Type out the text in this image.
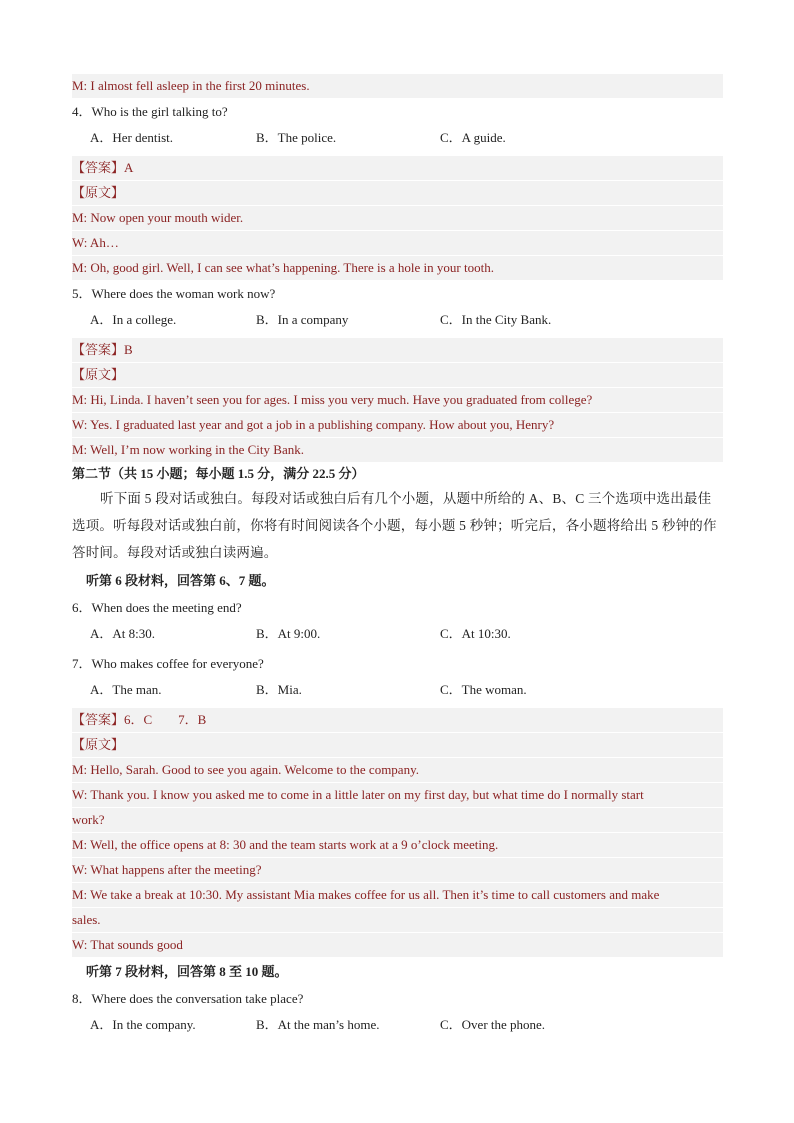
M: I almost fell asleep in the first 20 minutes.
4．Who is the girl talking to?
A．Her dentist.	B．The police.	C．A guide.
【答案】A
【原文】
M: Now open your mouth wider.
W: Ah…
M: Oh, good girl. Well, I can see what’s happening. There is a hole in your tooth.
5．Where does the woman work now?
A．In a college.	B．In a company	C．In the City Bank.
【答案】B
【原文】
M: Hi, Linda. I haven’t seen you for ages. I miss you very much. Have you graduated from college?
W: Yes. I graduated last year and got a job in a publishing company. How about you, Henry?
M: Well, I’m now working in the City Bank.
第二节（共 15 小题；每小题 1.5 分，满分 22.5 分）
听下面 5 段对话或独白。每段对话或独白后有几个小题，从题中所给的 A、B、C 三个选项中选出最佳选项。听每段对话或独白前，你将有时间阅读各个小题，每小题 5 秒钟；听完后，各小题将给出 5 秒钟的作答时间。每段对话或独白读两遍。
听第 6 段材料，回答第 6、7 题。
6．When does the meeting end?
A．At 8:30.	B．At 9:00.	C．At 10:30.
7．Who makes coffee for everyone?
A．The man.	B．Mia.	C．The woman.
【答案】6．C　　7．B
【原文】
M: Hello, Sarah. Good to see you again. Welcome to the company.
W: Thank you. I know you asked me to come in a little later on my first day, but what time do I normally start
work?
M: Well, the office opens at 8: 30 and the team starts work at a 9 o’clock meeting.
W: What happens after the meeting?
M: We take a break at 10:30. My assistant Mia makes coffee for us all. Then it’s time to call customers and make
sales.
W: That sounds good
听第 7 段材料，回答第 8 至 10 题。
8．Where does the conversation take place?
A．In the company.	B．At the man’s home.	C．Over the phone.
